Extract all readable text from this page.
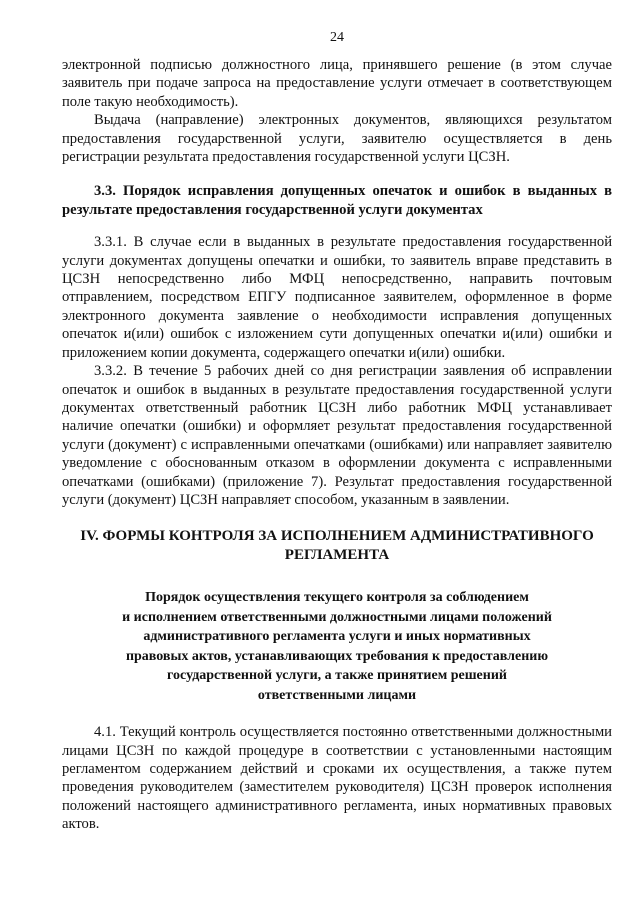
24

электронной подписью должностного лица, принявшего решение (в этом случае заявитель при подаче запроса на предоставление услуги отмечает в соответствующем поле такую необходимость).

Выдача (направление) электронных документов, являющихся результатом предоставления государственной услуги, заявителю осуществляется в день регистрации результата предоставления государственной услуги ЦСЗН.

3.3. Порядок исправления допущенных опечаток и ошибок в выданных в результате предоставления государственной услуги документах

3.3.1. В случае если в выданных в результате предоставления государственной услуги документах допущены опечатки и ошибки, то заявитель вправе представить в ЦСЗН непосредственно либо МФЦ непосредственно, направить почтовым отправлением, посредством ЕПГУ подписанное заявителем, оформленное в форме электронного документа заявление о необходимости исправления допущенных опечаток и(или) ошибок с изложением сути допущенных опечатки и(или) ошибки и приложением копии документа, содержащего опечатки и(или) ошибки.

3.3.2. В течение 5 рабочих дней со дня регистрации заявления об исправлении опечаток и ошибок в выданных в результате предоставления государственной услуги документах ответственный работник ЦСЗН либо работник МФЦ устанавливает наличие опечатки (ошибки) и оформляет результат предоставления государственной услуги (документ) с исправленными опечатками (ошибками) или направляет заявителю уведомление с обоснованным отказом в оформлении документа с исправленными опечатками (ошибками) (приложение 7). Результат предоставления государственной услуги (документ) ЦСЗН направляет способом, указанным в заявлении.

IV. ФОРМЫ КОНТРОЛЯ ЗА ИСПОЛНЕНИЕМ АДМИНИСТРАТИВНОГО
РЕГЛАМЕНТА
Порядок осуществления текущего контроля за соблюдением
и исполнением ответственными должностными лицами положений
административного регламента услуги и иных нормативных
правовых актов, устанавливающих требования к предоставлению
государственной услуги, а также принятием решений
ответственными лицами

4.1. Текущий контроль осуществляется постоянно ответственными должностными лицами ЦСЗН по каждой процедуре в соответствии с установленными настоящим регламентом содержанием действий и сроками их осуществления, а также путем проведения руководителем (заместителем руководителя) ЦСЗН проверок исполнения положений настоящего административного регламента, иных нормативных правовых актов.
